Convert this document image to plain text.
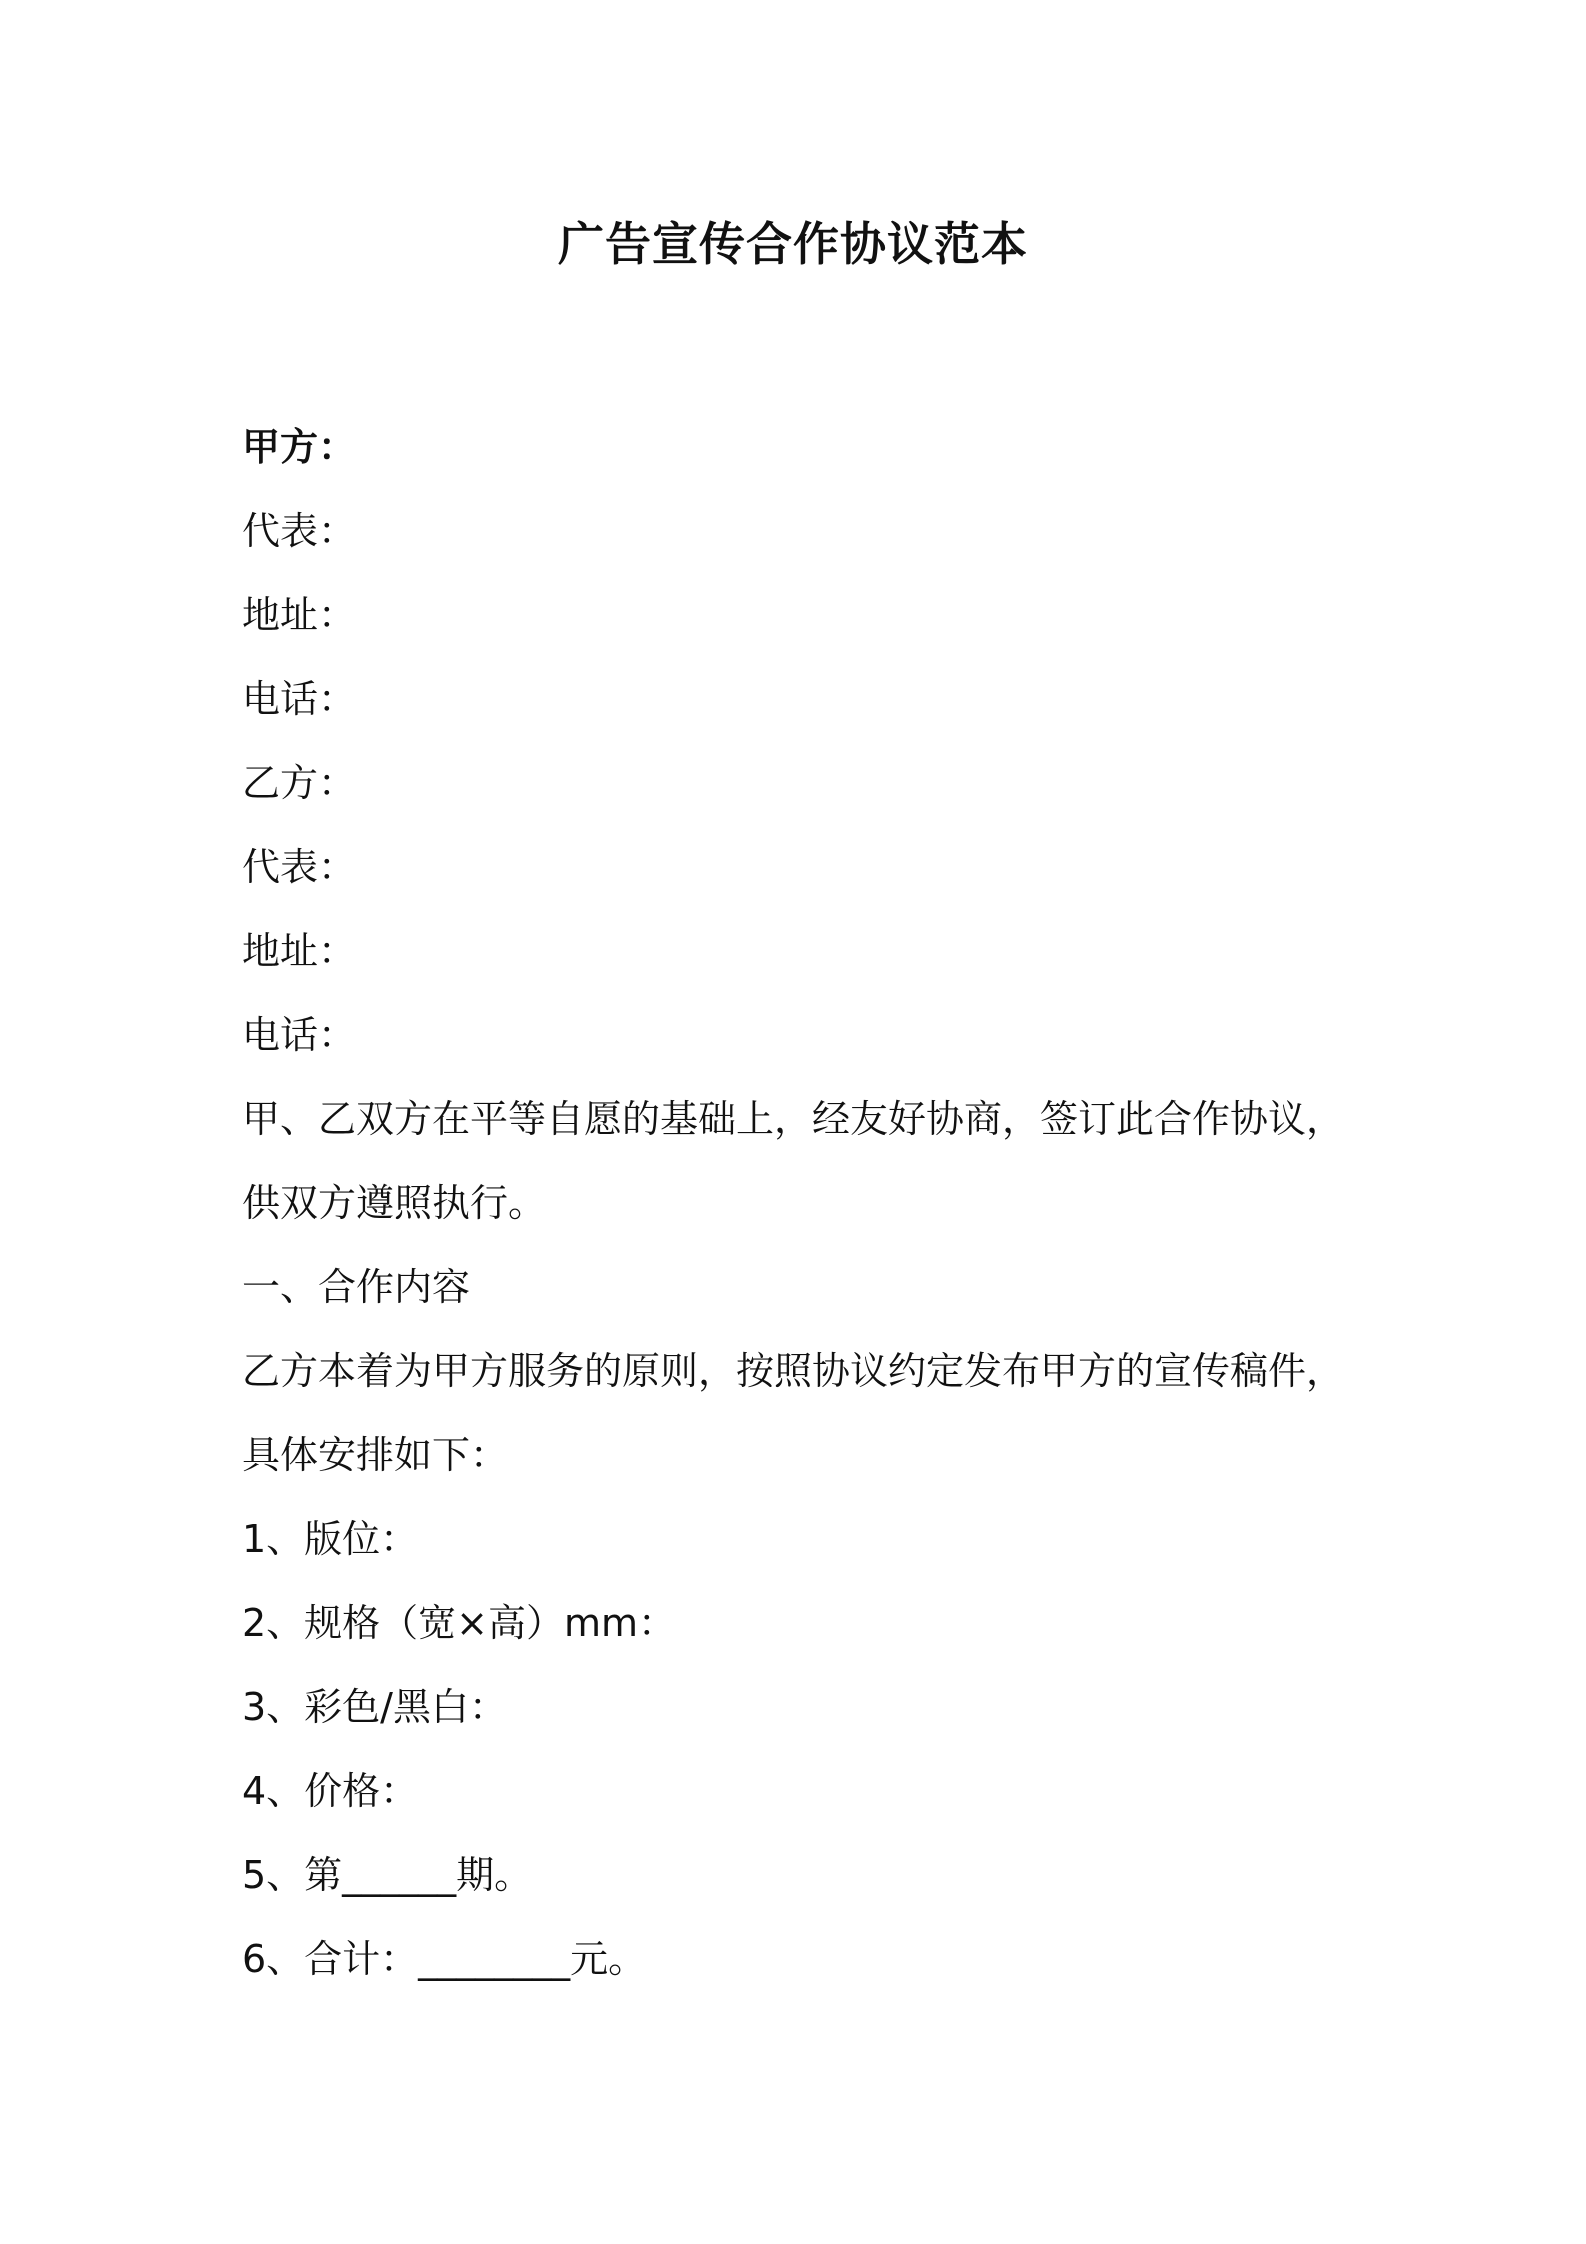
广告宣传合作协议范本

甲方：

代表：

地址：

电话：

乙方：

代表：

地址：

电话：

甲、乙双方在平等自愿的基础上，经友好协商，签订此合作协议，

供双方遵照执行。

一、合作内容

乙方本着为甲方服务的原则，按照协议约定发布甲方的宣传稿件，

具体安排如下：

1、版位：

2、规格（宽×高）mm：

3、彩色/黑白：

4、价格：

5、第______期。

6、合计：________元。
